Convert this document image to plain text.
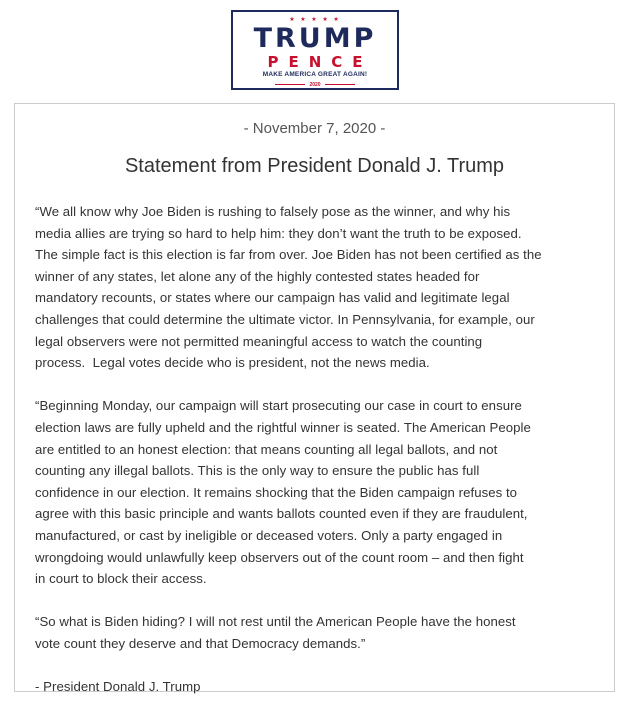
★ ★ ★ ★ ★
TRUMP
PENCE
MAKE AMERICA GREAT AGAIN!
2020
- November 7, 2020 -
Statement from President Donald J. Trump
“We all know why Joe Biden is rushing to falsely pose as the winner, and why his
media allies are trying so hard to help him: they don’t want the truth to be exposed.
The simple fact is this election is far from over. Joe Biden has not been certified as the
winner of any states, let alone any of the highly contested states headed for
mandatory recounts, or states where our campaign has valid and legitimate legal
challenges that could determine the ultimate victor. In Pennsylvania, for example, our
legal observers were not permitted meaningful access to watch the counting
process.  Legal votes decide who is president, not the news media.
“Beginning Monday, our campaign will start prosecuting our case in court to ensure
election laws are fully upheld and the rightful winner is seated. The American People
are entitled to an honest election: that means counting all legal ballots, and not
counting any illegal ballots. This is the only way to ensure the public has full
confidence in our election. It remains shocking that the Biden campaign refuses to
agree with this basic principle and wants ballots counted even if they are fraudulent,
manufactured, or cast by ineligible or deceased voters. Only a party engaged in
wrongdoing would unlawfully keep observers out of the count room – and then fight
in court to block their access.
“So what is Biden hiding? I will not rest until the American People have the honest
vote count they deserve and that Democracy demands.”
- President Donald J. Trump
